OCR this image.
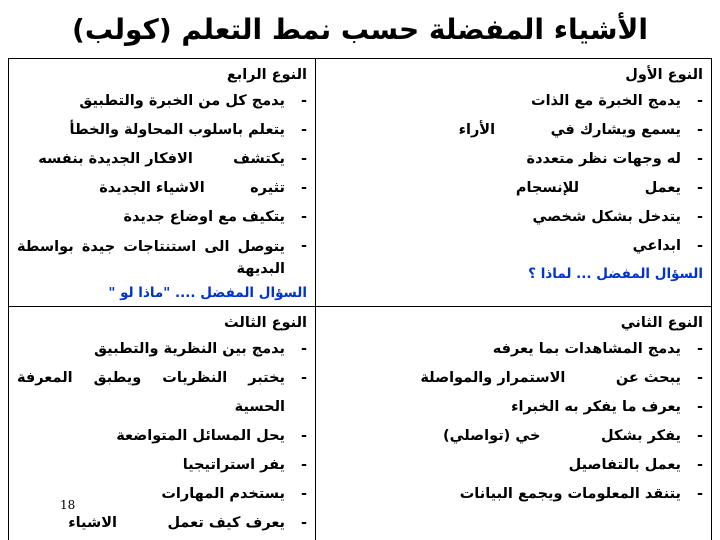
الأشياء المفضلة حسب نمط التعلم (كولب)
النوع الأول
-
يدمج الخبرة مع الذات
-
يسمع ويشارك في           الأراء
-
له وجهات نظر متعددة
-
يعمل             للإنسجام
-
يتدخل بشكل شخصي
-
ابداعي
السؤال المفضل ... لماذا ؟
النوع الرابع
-
يدمج كل من الخبرة والتطبيق
-
يتعلم باسلوب المحاولة والخطأ
-
يكتشف        الافكار الجديدة بنفسه
-
تثيره         الاشياء الجديدة
-
يتكيف مع اوضاع جديدة
-
يتوصل الى استنتاجات جيدة بواسطة البديهة
السؤال المفضل .... "ماذا لو "
النوع الثاني
-
يدمج المشاهدات بما يعرفه
-
يبحث عن          الاستمرار والمواصلة
-
يعرف ما يفكر به الخبراء
-
يفكر بشكل            خي (تواصلي)
-
يعمل بالتفاصيل
-
يتنقد المعلومات ويجمع البيانات
النوع الثالث
-
يدمج بين النظرية والتطبيق
-
يختبر النظريات ويطبق المعرفة الحسية
-
يحل المسائل المتواضعة
-
يفر استراتيجيا
-
يستخدم المهارات
-
يعرف كيف تعمل          الاشياء
18
